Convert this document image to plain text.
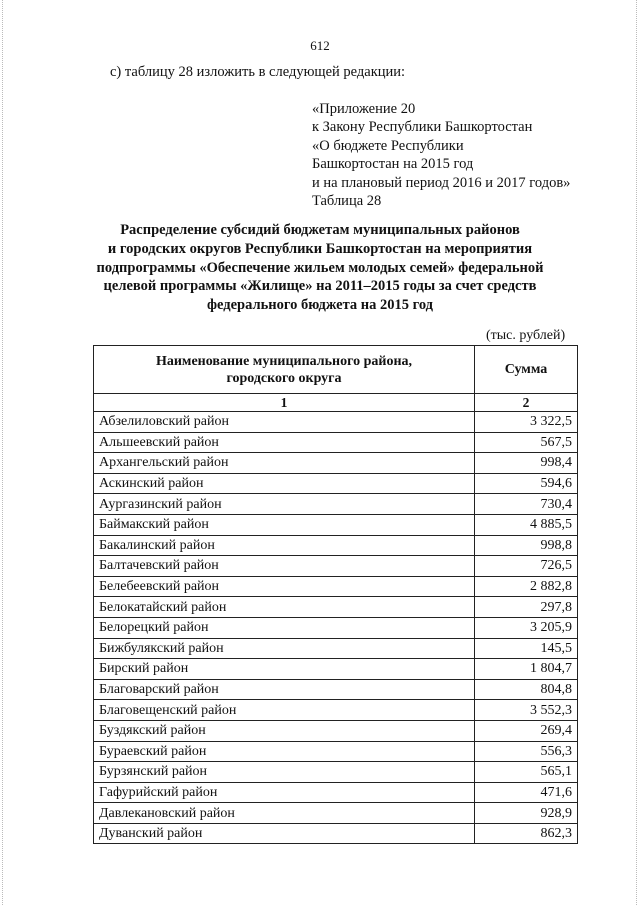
612
с) таблицу 28 изложить в следующей редакции:
«Приложение 20
к Закону Республики Башкортостан
«О бюджете Республики
Башкортостан на 2015 год
и на плановый период 2016 и 2017 годов»
Таблица 28
Распределение субсидий бюджетам муниципальных районов
и городских округов Республики Башкортостан на мероприятия
подпрограммы «Обеспечение жильем молодых семей» федеральной
целевой программы «Жилище» на 2011–2015 годы за счет средств
федерального бюджета на 2015 год
(тыс. рублей)
Наименование муниципального района,
городского округа	Сумма
1	2
Абзелиловский район	3 322,5
Альшеевский район	567,5
Архангельский район	998,4
Аскинский район	594,6
Аургазинский район	730,4
Баймакский район	4 885,5
Бакалинский район	998,8
Балтачевский район	726,5
Белебеевский район	2 882,8
Белокатайский район	297,8
Белорецкий район	3 205,9
Бижбулякский район	145,5
Бирский район	1 804,7
Благоварский район	804,8
Благовещенский район	3 552,3
Буздякский район	269,4
Бураевский район	556,3
Бурзянский район	565,1
Гафурийский район	471,6
Давлекановский район	928,9
Дуванский район	862,3
